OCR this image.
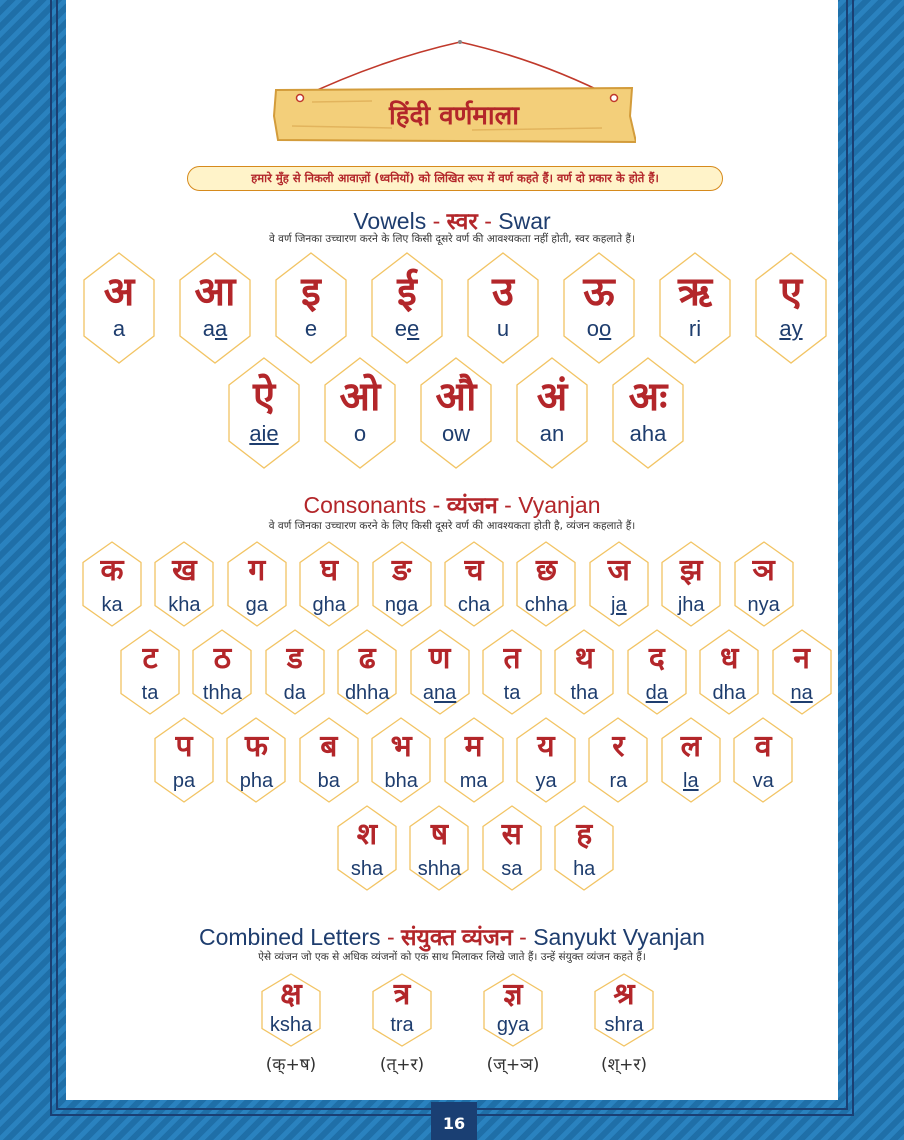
हिंदी वर्णमाला
हमारे मुँह से निकली आवाज़ों (ध्वनियों) को लिखित रूप में वर्ण कहते हैं। वर्ण दो प्रकार के होते हैं।
Vowels - स्वर - Swar
वे वर्ण जिनका उच्चारण करने के लिए किसी दूसरे वर्ण की आवश्यकता नहीं होती, स्वर कहलाते हैं।
अ
a
आ
aa
इ
e
ई
ee
उ
u
ऊ
oo
ऋ
ri
ए
ay
ऐ
aie
ओ
o
औ
ow
अं
an
अः
aha
Consonants - व्यंजन - Vyanjan
वे वर्ण जिनका उच्चारण करने के लिए किसी दूसरे वर्ण की आवश्यकता होती है, व्यंजन कहलाते हैं।
क
ka
ख
kha
ग
ga
घ
gha
ङ
nga
च
cha
छ
chha
ज
ja
झ
jha
ञ
nya
ट
ta
ठ
thha
ड
da
ढ
dhha
ण
ana
त
ta
थ
tha
द
da
ध
dha
न
na
प
pa
फ
pha
ब
ba
भ
bha
म
ma
य
ya
र
ra
ल
la
व
va
श
sha
ष
shha
स
sa
ह
ha
Combined Letters - संयुक्त व्यंजन - Sanyukt Vyanjan
ऐसे व्यंजन जो एक से अधिक व्यंजनों को एक साथ मिलाकर लिखे जाते हैं। उन्हें संयुक्त व्यंजन कहते हैं।
क्ष
ksha
त्र
tra
ज्ञ
gya
श्र
shra
(क्+ष)	(त्+र)	(ज्+ञ)	(श्+र)
16
